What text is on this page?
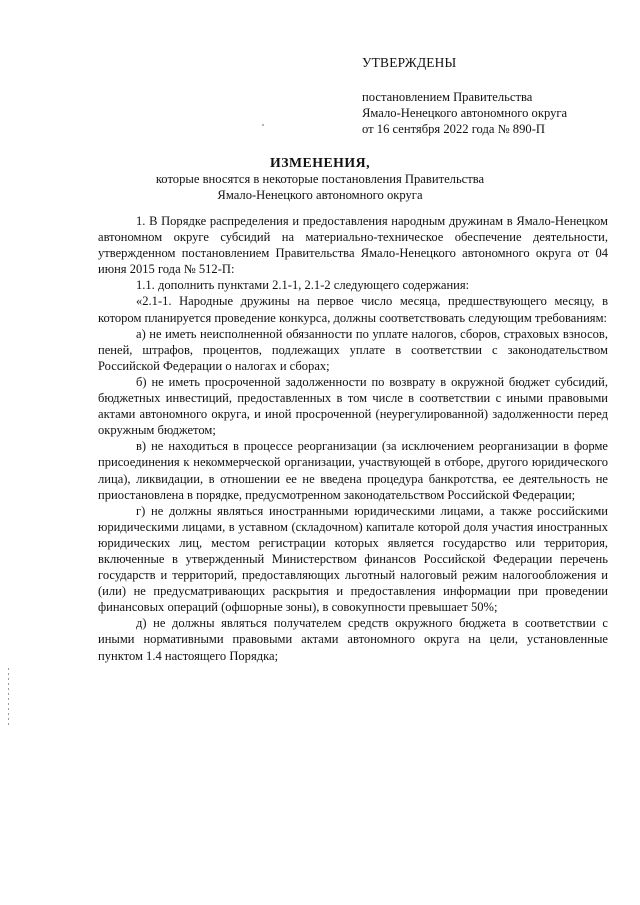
УТВЕРЖДЕНЫ
постановлением Правительства
Ямало-Ненецкого автономного округа
от 16 сентября 2022 года № 890-П
ИЗМЕНЕНИЯ,
которые вносятся в некоторые постановления Правительства
Ямало-Ненецкого автономного округа

1. В Порядке распределения и предоставления народным дружинам в Ямало-Ненецком автономном округе субсидий на материально-техническое обеспечение деятельности, утвержденном постановлением Правительства Ямало-Ненецкого автономного округа от 04 июня 2015 года № 512-П:

1.1. дополнить пунктами 2.1-1, 2.1-2 следующего содержания:

«2.1-1. Народные дружины на первое число месяца, предшествующего месяцу, в котором планируется проведение конкурса, должны соответствовать следующим требованиям:

а) не иметь неисполненной обязанности по уплате налогов, сборов, страховых взносов, пеней, штрафов, процентов, подлежащих уплате в соответствии с законодательством Российской Федерации о налогах и сборах;

б) не иметь просроченной задолженности по возврату в окружной бюджет субсидий, бюджетных инвестиций, предоставленных в том числе в соответствии с иными правовыми актами автономного округа, и иной просроченной (неурегулированной) задолженности перед окружным бюджетом;

в) не находиться в процессе реорганизации (за исключением реорганизации в форме присоединения к некоммерческой организации, участвующей в отборе, другого юридического лица), ликвидации, в отношении ее не введена процедура банкротства, ее деятельность не приостановлена в порядке, предусмотренном законодательством Российской Федерации;

г) не должны являться иностранными юридическими лицами, а также российскими юридическими лицами, в уставном (складочном) капитале которой доля участия иностранных юридических лиц, местом регистрации которых является государство или территория, включенные в утвержденный Министерством финансов Российской Федерации перечень государств и территорий, предоставляющих льготный налоговый режим налогообложения и (или) не предусматривающих раскрытия и предоставления информации при проведении финансовых операций (офшорные зоны), в совокупности превышает 50%;

д) не должны являться получателем средств окружного бюджета в соответствии с иными нормативными правовыми актами автономного округа на цели, установленные пунктом 1.4 настоящего Порядка;
